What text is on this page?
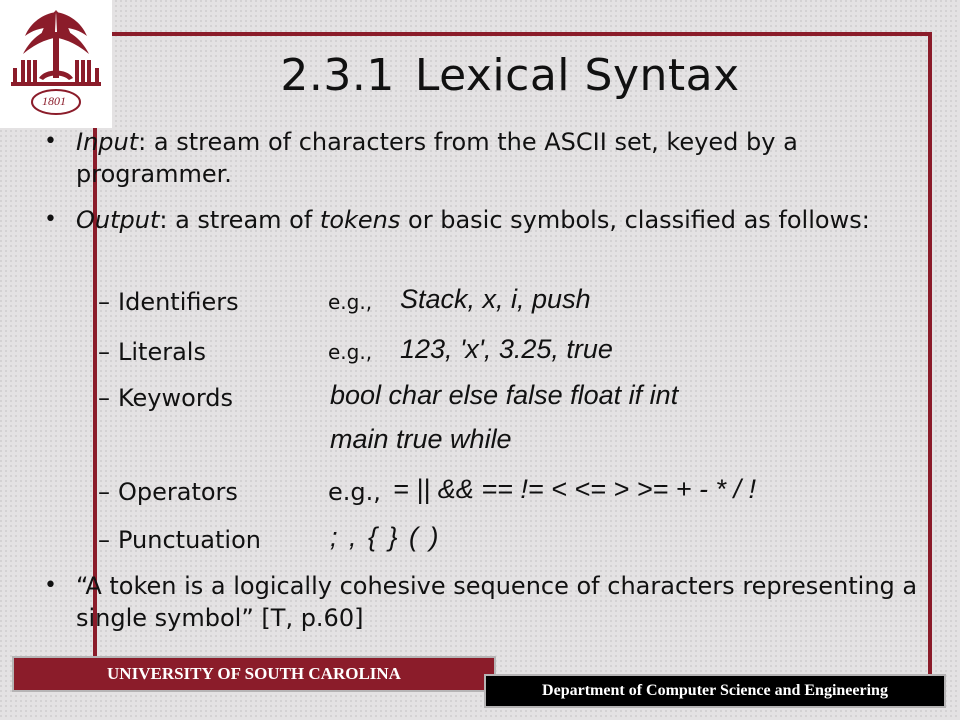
1801	2.3.1 Lexical Syntax
• Input: a stream of characters from the ASCII set, keyed by a programmer.
• Output: a stream of tokens or basic symbols, classified as follows:
– Identifiers	e.g., Stack, x, i, push
– Literals	e.g., 123, 'x', 3.25, true
– Keywords	bool char else false float if int
main true while
– Operators	e.g., = || && == != < <= > >= + - * / !
– Punctuation	; , { } ( )
• “A token is a logically cohesive sequence of characters representing a single symbol” [T, p.60]
UNIVERSITY OF SOUTH CAROLINA
Department of Computer Science and Engineering
